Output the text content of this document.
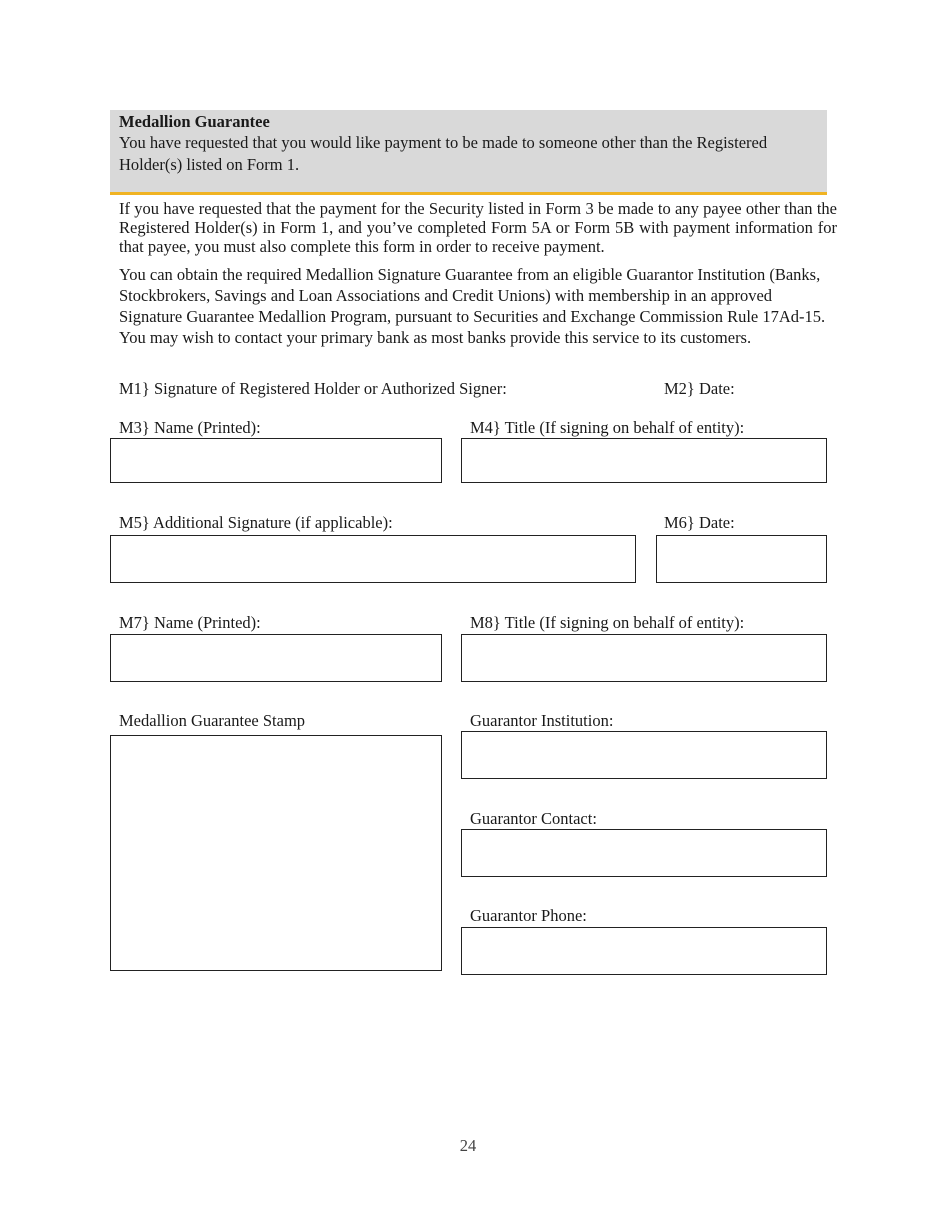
Medallion Guarantee
You have requested that you would like payment to be made to someone other than the Registered Holder(s) listed on Form 1.
If you have requested that the payment for the Security listed in Form 3 be made to any payee other than the Registered Holder(s) in Form 1, and you’ve completed Form 5A or Form 5B with payment information for that payee, you must also complete this form in order to receive payment.
You can obtain the required Medallion Signature Guarantee from an eligible Guarantor Institution (Banks, Stockbrokers, Savings and Loan Associations and Credit Unions) with membership in an approved Signature Guarantee Medallion Program, pursuant to Securities and Exchange Commission Rule 17Ad-15. You may wish to contact your primary bank as most banks provide this service to its customers.
M1} Signature of Registered Holder or Authorized Signer:	M2} Date:
M3} Name (Printed):	M4} Title (If signing on behalf of entity):
M5} Additional Signature (if applicable):	M6} Date:
M7} Name (Printed):	M8} Title (If signing on behalf of entity):
Medallion Guarantee Stamp	Guarantor Institution:
Guarantor Contact:
Guarantor Phone:
24
